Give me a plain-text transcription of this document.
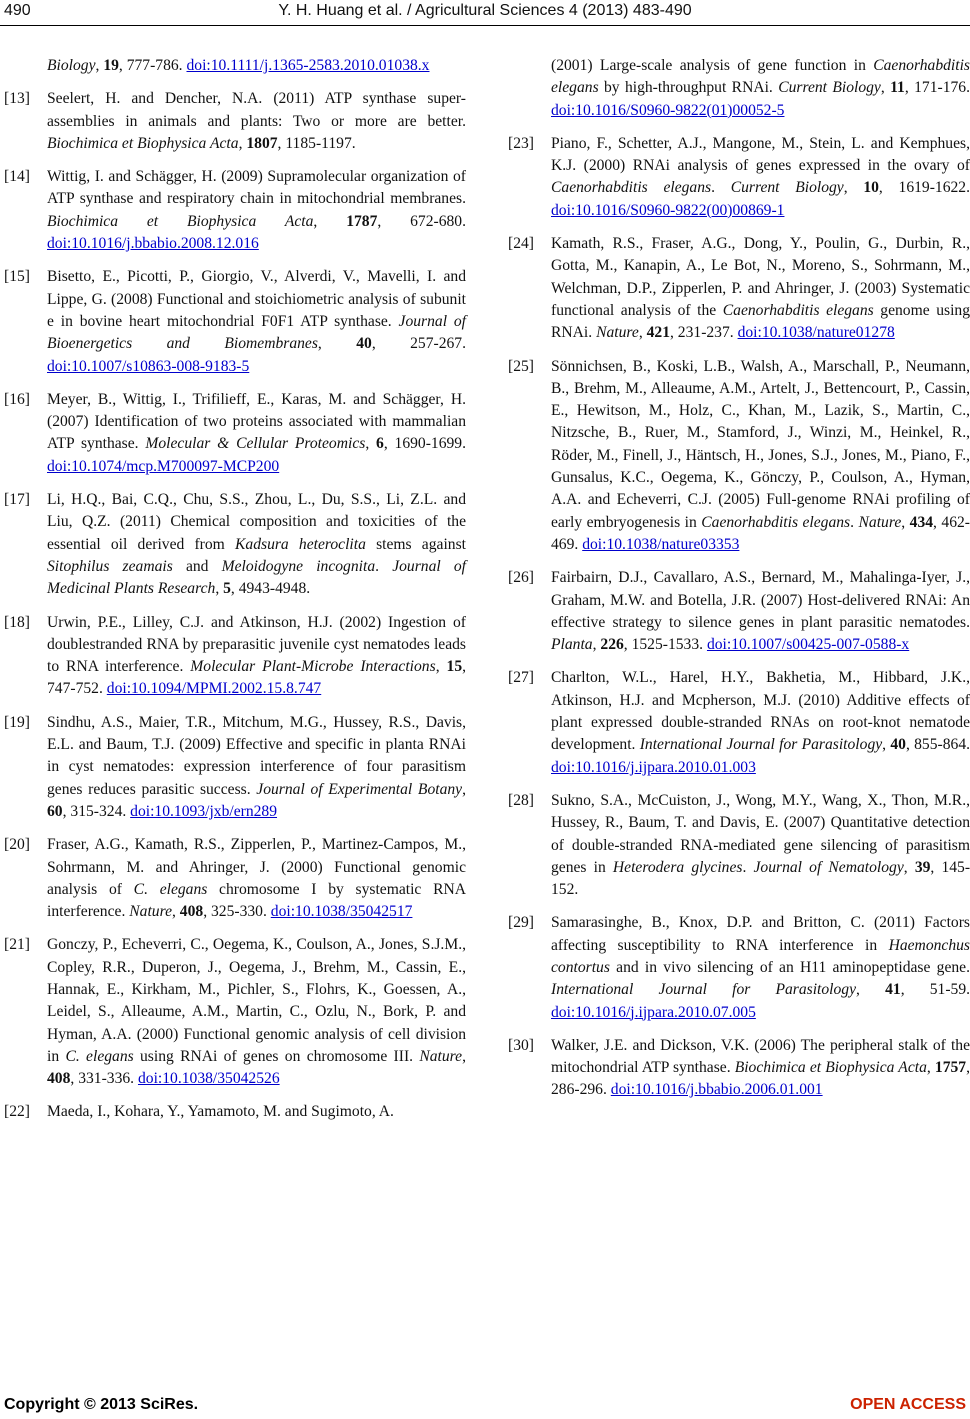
490	Y. H. Huang et al. / Agricultural Sciences 4 (2013) 483-490
Biology, 19, 777-786. doi:10.1111/j.1365-2583.2010.01038.x
[13] Seelert, H. and Dencher, N.A. (2011) ATP synthase super-assemblies in animals and plants: Two or more are better. Biochimica et Biophysica Acta, 1807, 1185-1197.
[14] Wittig, I. and Schägger, H. (2009) Supramolecular organization of ATP synthase and respiratory chain in mitochondrial membranes. Biochimica et Biophysica Acta, 1787, 672-680. doi:10.1016/j.bbabio.2008.12.016
[15] Bisetto, E., Picotti, P., Giorgio, V., Alverdi, V., Mavelli, I. and Lippe, G. (2008) Functional and stoichiometric analysis of subunit e in bovine heart mitochondrial F0F1 ATP synthase. Journal of Bioenergetics and Biomembranes, 40, 257-267. doi:10.1007/s10863-008-9183-5
[16] Meyer, B., Wittig, I., Trifilieff, E., Karas, M. and Schägger, H. (2007) Identification of two proteins associated with mammalian ATP synthase. Molecular & Cellular Proteomics, 6, 1690-1699. doi:10.1074/mcp.M700097-MCP200
[17] Li, H.Q., Bai, C.Q., Chu, S.S., Zhou, L., Du, S.S., Li, Z.L. and Liu, Q.Z. (2011) Chemical composition and toxicities of the essential oil derived from Kadsura heteroclita stems against Sitophilus zeamais and Meloidogyne incognita. Journal of Medicinal Plants Research, 5, 4943-4948.
[18] Urwin, P.E., Lilley, C.J. and Atkinson, H.J. (2002) Ingestion of doublestranded RNA by preparasitic juvenile cyst nematodes leads to RNA interference. Molecular Plant-Microbe Interactions, 15, 747-752. doi:10.1094/MPMI.2002.15.8.747
[19] Sindhu, A.S., Maier, T.R., Mitchum, M.G., Hussey, R.S., Davis, E.L. and Baum, T.J. (2009) Effective and specific in planta RNAi in cyst nematodes: expression interference of four parasitism genes reduces parasitic success. Journal of Experimental Botany, 60, 315-324. doi:10.1093/jxb/ern289
[20] Fraser, A.G., Kamath, R.S., Zipperlen, P., Martinez-Campos, M., Sohrmann, M. and Ahringer, J. (2000) Functional genomic analysis of C. elegans chromosome I by systematic RNA interference. Nature, 408, 325-330. doi:10.1038/35042517
[21] Gonczy, P., Echeverri, C., Oegema, K., Coulson, A., Jones, S.J.M., Copley, R.R., Duperon, J., Oegema, J., Brehm, M., Cassin, E., Hannak, E., Kirkham, M., Pichler, S., Flohrs, K., Goessen, A., Leidel, S., Alleaume, A.M., Martin, C., Ozlu, N., Bork, P. and Hyman, A.A. (2000) Functional genomic analysis of cell division in C. elegans using RNAi of genes on chromosome III. Nature, 408, 331-336. doi:10.1038/35042526
[22] Maeda, I., Kohara, Y., Yamamoto, M. and Sugimoto, A.
(2001) Large-scale analysis of gene function in Caenorhabditis elegans by high-throughput RNAi. Current Biology, 11, 171-176. doi:10.1016/S0960-9822(01)00052-5
[23] Piano, F., Schetter, A.J., Mangone, M., Stein, L. and Kemphues, K.J. (2000) RNAi analysis of genes expressed in the ovary of Caenorhabditis elegans. Current Biology, 10, 1619-1622. doi:10.1016/S0960-9822(00)00869-1
[24] Kamath, R.S., Fraser, A.G., Dong, Y., Poulin, G., Durbin, R., Gotta, M., Kanapin, A., Le Bot, N., Moreno, S., Sohrmann, M., Welchman, D.P., Zipperlen, P. and Ahringer, J. (2003) Systematic functional analysis of the Caenorhabditis elegans genome using RNAi. Nature, 421, 231-237. doi:10.1038/nature01278
[25] Sönnichsen, B., Koski, L.B., Walsh, A., Marschall, P., Neumann, B., Brehm, M., Alleaume, A.M., Artelt, J., Bettencourt, P., Cassin, E., Hewitson, M., Holz, C., Khan, M., Lazik, S., Martin, C., Nitzsche, B., Ruer, M., Stamford, J., Winzi, M., Heinkel, R., Röder, M., Finell, J., Häntsch, H., Jones, S.J., Jones, M., Piano, F., Gunsalus, K.C., Oegema, K., Gönczy, P., Coulson, A., Hyman, A.A. and Echeverri, C.J. (2005) Full-genome RNAi profiling of early embryogenesis in Caenorhabditis elegans. Nature, 434, 462-469. doi:10.1038/nature03353
[26] Fairbairn, D.J., Cavallaro, A.S., Bernard, M., Mahalinga-Iyer, J., Graham, M.W. and Botella, J.R. (2007) Host-delivered RNAi: An effective strategy to silence genes in plant parasitic nematodes. Planta, 226, 1525-1533. doi:10.1007/s00425-007-0588-x
[27] Charlton, W.L., Harel, H.Y., Bakhetia, M., Hibbard, J.K., Atkinson, H.J. and Mcpherson, M.J. (2010) Additive effects of plant expressed double-stranded RNAs on root-knot nematode development. International Journal for Parasitology, 40, 855-864. doi:10.1016/j.ijpara.2010.01.003
[28] Sukno, S.A., McCuiston, J., Wong, M.Y., Wang, X., Thon, M.R., Hussey, R., Baum, T. and Davis, E. (2007) Quantitative detection of double-stranded RNA-mediated gene silencing of parasitism genes in Heterodera glycines. Journal of Nematology, 39, 145-152.
[29] Samarasinghe, B., Knox, D.P. and Britton, C. (2011) Factors affecting susceptibility to RNA interference in Haemonchus contortus and in vivo silencing of an H11 aminopeptidase gene. International Journal for Parasitology, 41, 51-59. doi:10.1016/j.ijpara.2010.07.005
[30] Walker, J.E. and Dickson, V.K. (2006) The peripheral stalk of the mitochondrial ATP synthase. Biochimica et Biophysica Acta, 1757, 286-296. doi:10.1016/j.bbabio.2006.01.001
Copyright © 2013 SciRes.	OPEN ACCESS
